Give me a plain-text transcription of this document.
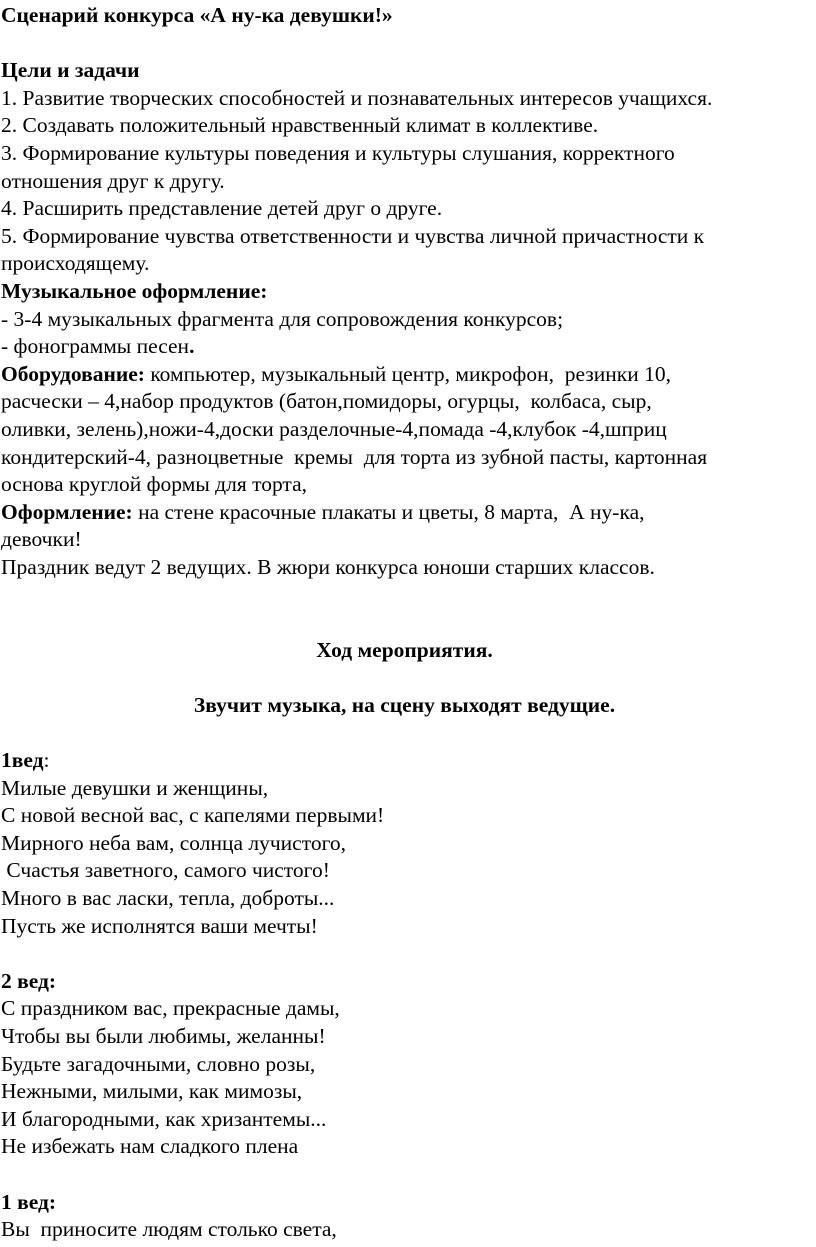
Сценарий конкурса «А ну-ка девушки!»
Цели и задачи
1. Развитие творческих способностей и познавательных интересов учащихся.
2. Создавать положительный нравственный климат в коллективе.
3. Формирование культуры поведения и культуры слушания, корректного
отношения друг к другу.
4. Расширить представление детей друг о друге.
5. Формирование чувства ответственности и чувства личной причастности к
происходящему.
Музыкальное оформление:
- 3-4 музыкальных фрагмента для сопровождения конкурсов;
- фонограммы песен.
Оборудование: компьютер, музыкальный центр, микрофон,  резинки 10,
расчески – 4,набор продуктов (батон,помидоры, огурцы,  колбаса, сыр,
оливки, зелень),ножи-4,доски разделочные-4,помада -4,клубок -4,шприц
кондитерский-4, разноцветные  кремы  для торта из зубной пасты, картонная
основа круглой формы для торта,
Оформление: на стене красочные плакаты и цветы, 8 марта,  А ну-ка,
девочки!
Праздник ведут 2 ведущих. В жюри конкурса юноши старших классов.
Ход мероприятия.
Звучит музыка, на сцену выходят ведущие.
1вед:
Милые девушки и женщины,
С новой весной вас, с капелями первыми!
Мирного неба вам, солнца лучистого,
Счастья заветного, самого чистого!
Много в вас ласки, тепла, доброты...
Пусть же исполнятся ваши мечты!
2 вед:
С праздником вас, прекрасные дамы,
Чтобы вы были любимы, желанны!
Будьте загадочными, словно розы,
Нежными, милыми, как мимозы,
И благородными, как хризантемы...
Не избежать нам сладкого плена
1 вед:
Вы  приносите людям столько света,
